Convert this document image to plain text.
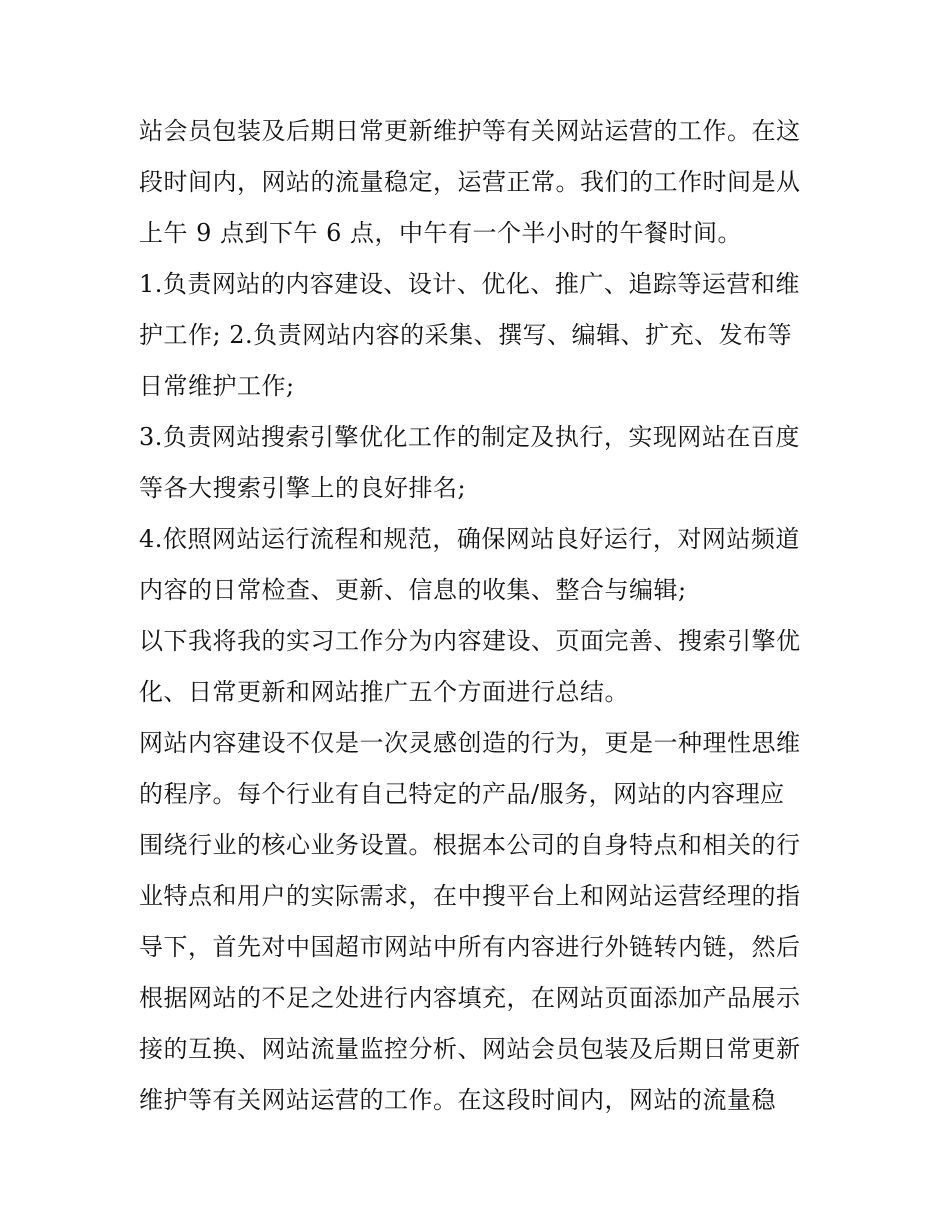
站会员包装及后期日常更新维护等有关网站运营的工作。在这
段时间内，网站的流量稳定，运营正常。我们的工作时间是从
上午 9 点到下午 6 点，中午有一个半小时的午餐时间。
1.负责网站的内容建设、设计、优化、推广、追踪等运营和维
护工作; 2.负责网站内容的采集、撰写、编辑、扩充、发布等
日常维护工作;
3.负责网站搜索引擎优化工作的制定及执行，实现网站在百度
等各大搜索引擎上的良好排名;
4.依照网站运行流程和规范，确保网站良好运行，对网站频道
内容的日常检查、更新、信息的收集、整合与编辑;
以下我将我的实习工作分为内容建设、页面完善、搜索引擎优
化、日常更新和网站推广五个方面进行总结。
网站内容建设不仅是一次灵感创造的行为，更是一种理性思维
的程序。每个行业有自己特定的产品/服务，网站的内容理应
围绕行业的核心业务设置。根据本公司的自身特点和相关的行
业特点和用户的实际需求，在中搜平台上和网站运营经理的指
导下，首先对中国超市网站中所有内容进行外链转内链，然后
根据网站的不足之处进行内容填充，在网站页面添加产品展示
接的互换、网站流量监控分析、网站会员包装及后期日常更新
维护等有关网站运营的工作。在这段时间内，网站的流量稳
